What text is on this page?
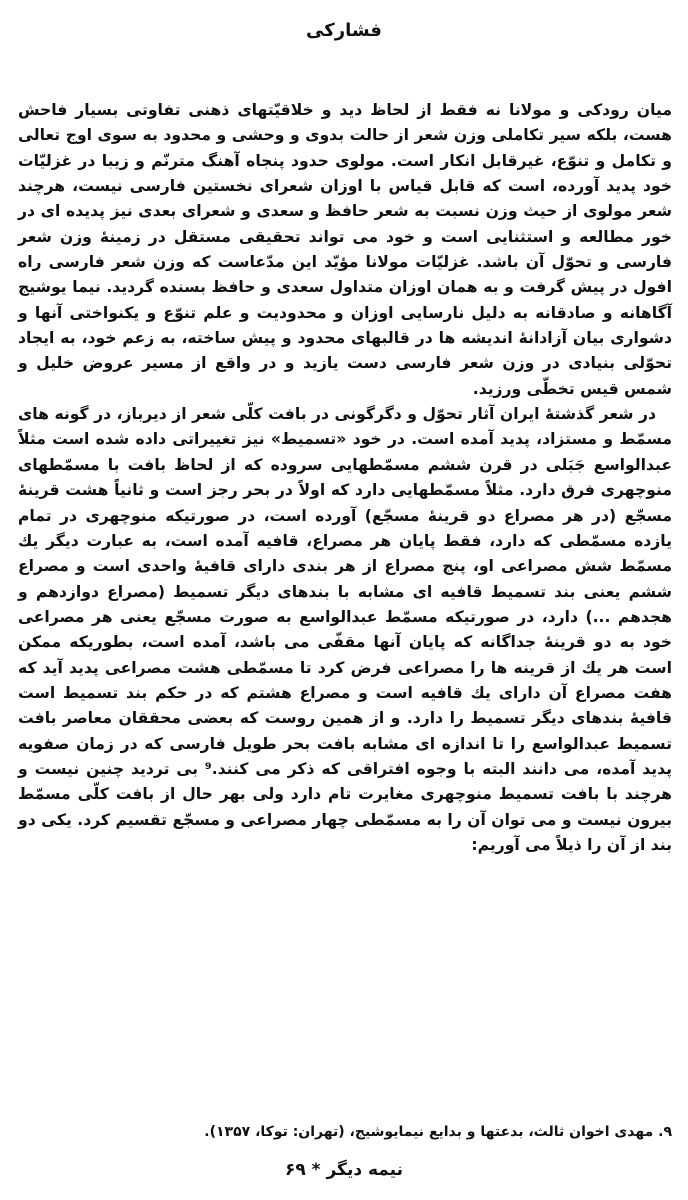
فشارکی

میان رودکی و مولانا نه فقط از لحاظ دید و خلاقیّتهای ذهنی تفاوتی بسیار فاحش هست، بلکه سیر تکاملی وزن شعر از حالت بدوی و وحشی و محدود به سوی اوج تعالی و تکامل و تنوّع، غیرقابل انکار است. مولوی حدود پنجاه آهنگ مترنّم و زیبا در غزلیّات خود پدید آورده، است که قابل قیاس با اوزان شعرای نخستین فارسی نیست، هرچند شعر مولوی از حیث وزن نسبت به شعر حافظ و سعدی و شعرای بعدی نیز پدیده ای در خور مطالعه و استثنایی است و خود می تواند تحقیقی مستقل در زمینهٔ وزن شعر فارسی و تحوّل آن باشد. غزلیّات مولانا مؤیّد این مدّعاست که وزن شعر فارسی راه افول در پیش گرفت و به همان اوزان متداول سعدی و حافظ بسنده گردید. نیما یوشیج آگاهانه و صادقانه به دلیل نارسایی اوزان و محدودیت و علم تنوّع و یکنواختی آنها و دشواری بیان آزادانهٔ اندیشه ها در قالبهای محدود و پیش ساخته، به زعم خود، به ایجاد تحوّلی بنیادی در وزن شعر فارسی دست یازید و در واقع از مسیر عروض خلیل و شمس قیس تخطّی ورزید.

در شعر گذشتهٔ ایران آثار تحوّل و دگرگونی در بافت کلّی شعر از دیرباز، در گونه های مسمّط و مستزاد، پدید آمده است. در خود «تسمیط» نیز تغییراتی داده شده است مثلاً عبدالواسع جَبَلی در قرن ششم مسمّطهایی سروده که از لحاظ بافت با مسمّطهای منوچهری فرق دارد. مثلاً مسمّطهایی دارد که اولاً در بحر رجز است و ثانیاً هشت قرینهٔ مسجّع (در هر مصراع دو قرینهٔ مسجّع) آورده است، در صورتیکه منوچهری در تمام یازده مسمّطی که دارد، فقط پایان هر مصراع، قافیه آمده است، به عبارت دیگر یك مسمّط شش مصراعی او، پنج مصراع از هر بندی دارای قافیهٔ واحدی است و مصراع ششم یعنی بند تسمیط قافیه ای مشابه با بندهای دیگر تسمیط (مصراع دوازدهم و هجدهم ...) دارد، در صورتیکه مسمّط عبدالواسع به صورت مسجّع یعنی هر مصراعی خود به دو قرینهٔ جداگانه که پایان آنها مقفّی می باشد، آمده است، بطوریکه ممکن است هر یك از قرینه ها را مصراعی فرض کرد تا مسمّطی هشت مصراعی پدید آید که هفت مصراع آن دارای یك قافیه است و مصراع هشتم که در حکم بند تسمیط است قافیهٔ بندهای دیگر تسمیط را دارد. و از همین روست که بعضی محققان معاصر بافت تسمیط عبدالواسع را تا اندازه ای مشابه بافت بحر طویل فارسی که در زمان صفویه پدید آمده، می دانند البته با وجوه افتراقی که ذکر می کنند.⁹ بی تردید چنین نیست و هرچند با بافت تسمیط منوچهری مغایرت تام دارد ولی بهر حال از بافت کلّی مسمّط بیرون نیست و می توان آن را به مسمّطی چهار مصراعی و مسجّع تقسیم کرد. یکی دو بند از آن را ذیلاً می آوریم:

۹. مهدی اخوان ثالث، بدعتها و بدایع نیمایوشیج، (تهران: توکا، ۱۳۵۷).
نیمه دیگر * ۶۹
